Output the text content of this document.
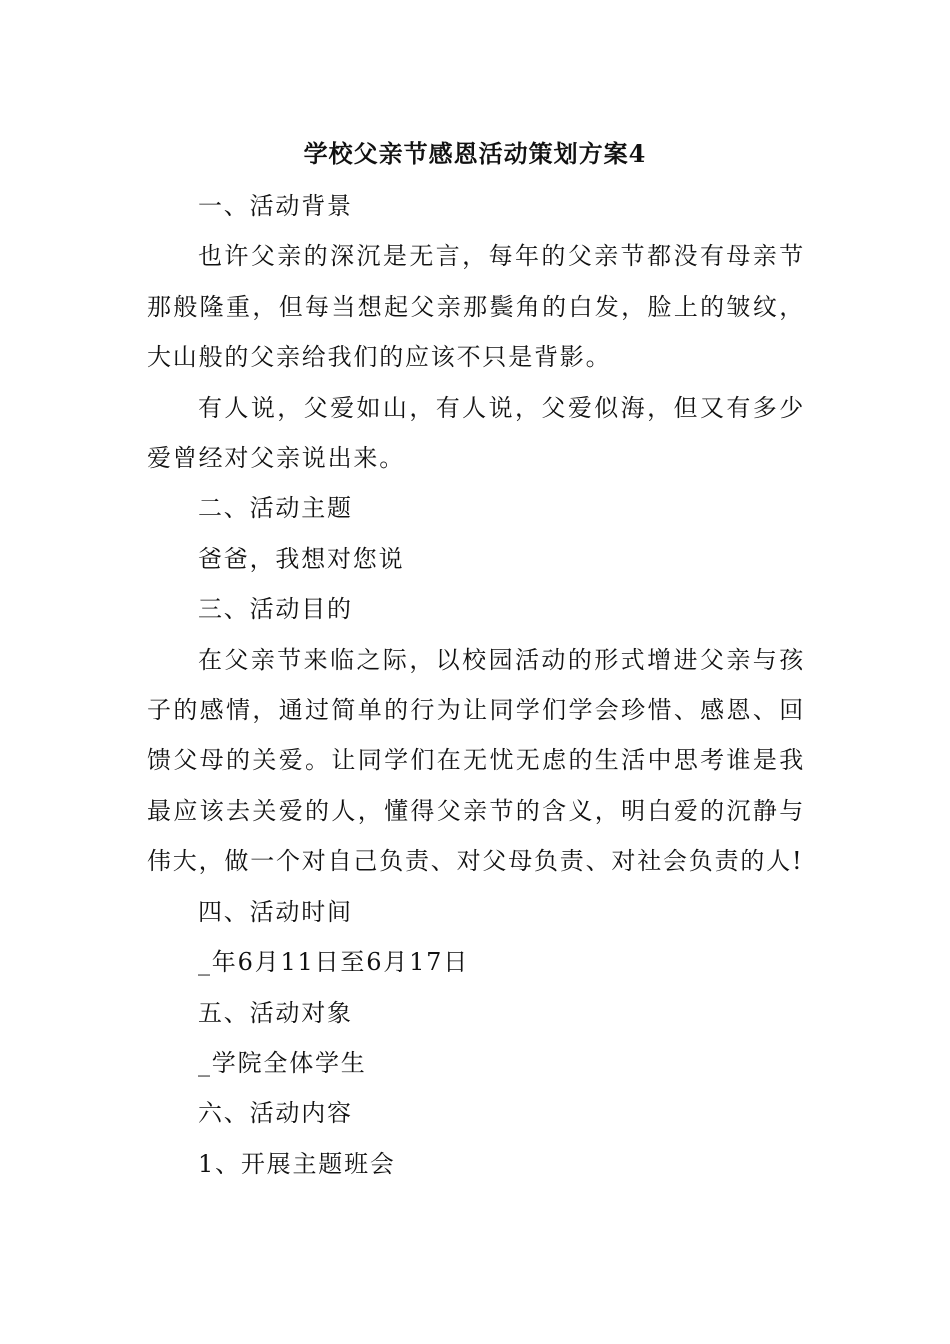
学校父亲节感恩活动策划方案4

一、活动背景

也许父亲的深沉是无言，每年的父亲节都没有母亲节那般隆重，但每当想起父亲那鬓角的白发，脸上的皱纹，大山般的父亲给我们的应该不只是背影。

有人说，父爱如山，有人说，父爱似海，但又有多少爱曾经对父亲说出来。

二、活动主题

爸爸，我想对您说

三、活动目的

在父亲节来临之际，以校园活动的形式增进父亲与孩子的感情，通过简单的行为让同学们学会珍惜、感恩、回馈父母的关爱。让同学们在无忧无虑的生活中思考谁是我最应该去关爱的人，懂得父亲节的含义，明白爱的沉静与伟大，做一个对自己负责、对父母负责、对社会负责的人!

四、活动时间

_年6月11日至6月17日

五、活动对象

_学院全体学生

六、活动内容

1、开展主题班会
